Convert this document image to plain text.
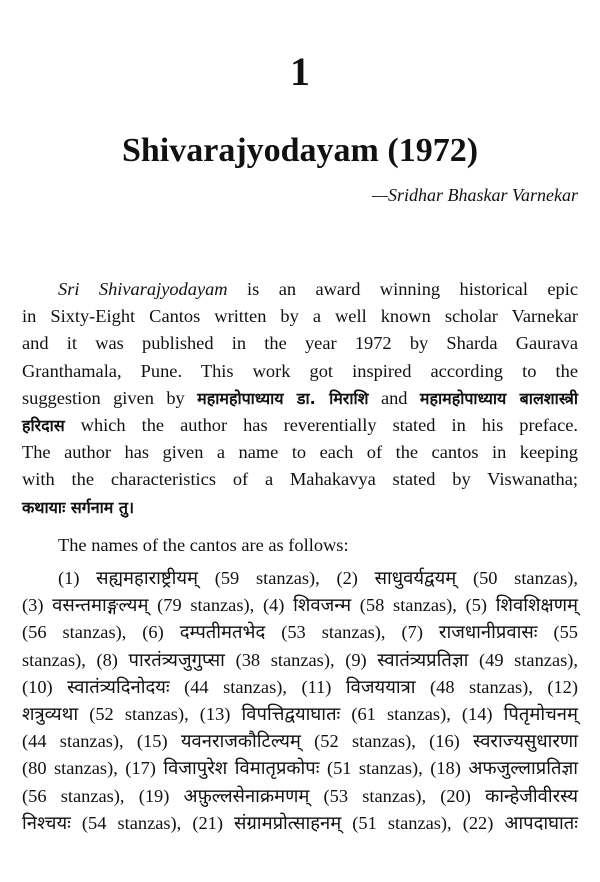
1
Shivarajyodayam (1972)
—Sridhar Bhaskar Varnekar
Sri Shivarajyodayam is an award winning historical epic
in Sixty-Eight Cantos written by a well known scholar Varnekar
and it was published in the year 1972 by Sharda Gaurava
Granthamala, Pune. This work got inspired according to the
suggestion given by महामहोपाध्याय डा. मिराशि and महामहोपाध्याय बालशास्त्री
हरिदास which the author has reverentially stated in his preface.
The author has given a name to each of the cantos in keeping
with the characteristics of a Mahakavya stated by Viswanatha;
कथायाः सर्गनाम तु।
The names of the cantos are as follows:
(1) सह्यमहाराष्ट्रीयम् (59 stanzas), (2) साधुवर्यद्वयम् (50 stanzas),
(3) वसन्तमाङ्गल्यम् (79 stanzas), (4) शिवजन्म (58 stanzas), (5) शिवशिक्षणम्
(56 stanzas), (6) दम्पतीमतभेद (53 stanzas), (7) राजधानीप्रवासः (55
stanzas), (8) पारतंत्र्यजुगुप्सा (38 stanzas), (9) स्वातंत्र्यप्रतिज्ञा (49 stanzas),
(10) स्वातंत्र्यदिनोदयः (44 stanzas), (11) विजययात्रा (48 stanzas), (12)
शत्रुव्यथा (52 stanzas), (13) विपत्तिद्वयाघातः (61 stanzas), (14) पितृमोचनम्
(44 stanzas), (15) यवनराजकौटिल्यम् (52 stanzas), (16) स्वराज्यसुधारणा
(80 stanzas), (17) विजापुरेश विमातृप्रकोपः (51 stanzas), (18) अफजुल्लाप्रतिज्ञा
(56 stanzas), (19) अफ़ुल्लसेनाक्रमणम् (53 stanzas), (20) कान्हेजीवीरस्य
निश्चयः (54 stanzas), (21) संग्रामप्रोत्साहनम् (51 stanzas), (22) आपदाघातः
